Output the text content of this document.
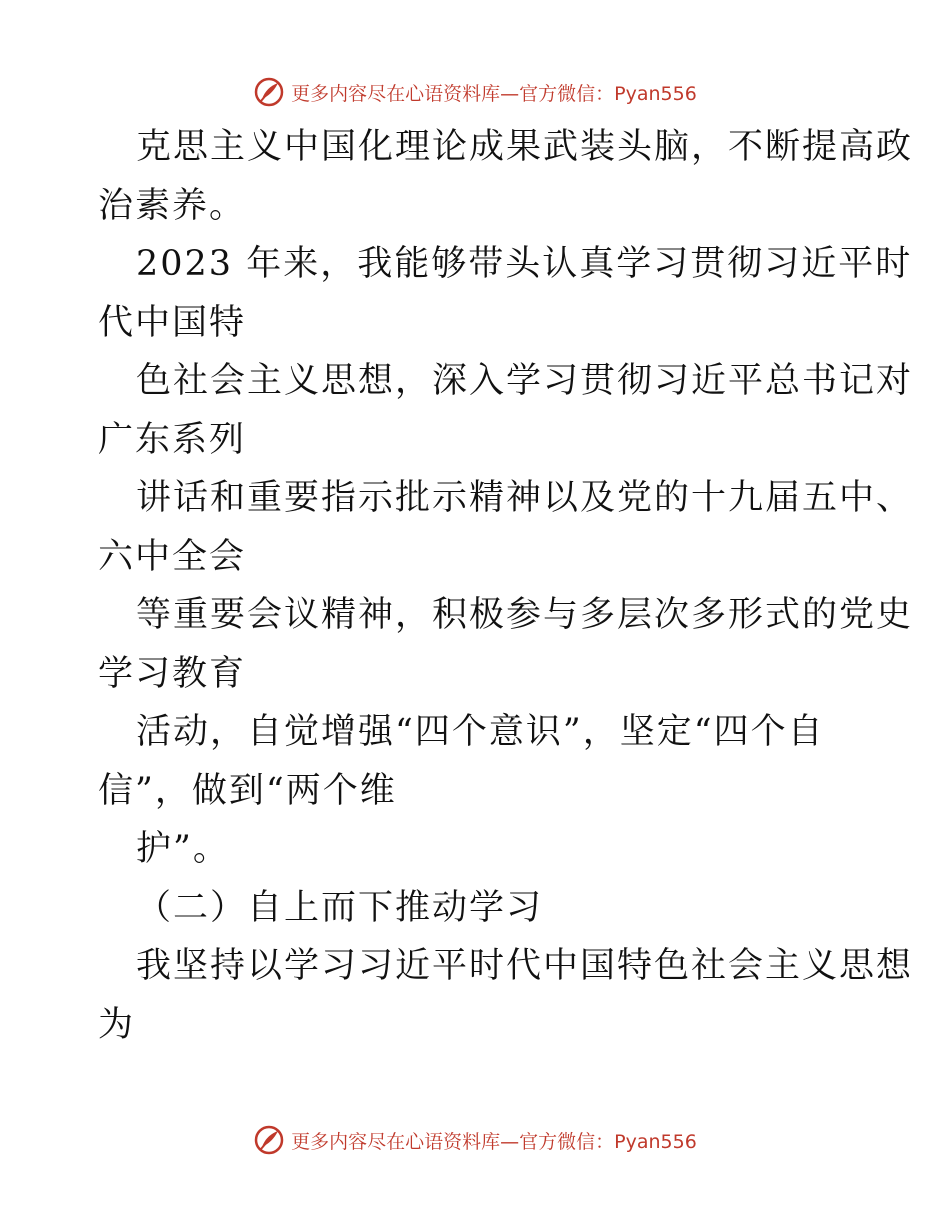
更多内容尽在心语资料库—官方微信：Pyan556
克思主义中国化理论成果武装头脑，不断提高政
治素养。
2023 年来，我能够带头认真学习贯彻习近平时
代中国特
色社会主义思想，深入学习贯彻习近平总书记对
广东系列
讲话和重要指示批示精神以及党的十九届五中、
六中全会
等重要会议精神，积极参与多层次多形式的党史
学习教育
活动，自觉增强“四个意识”，坚定“四个自
信”，做到“两个维
护”。
（二）自上而下推动学习
我坚持以学习习近平时代中国特色社会主义思想
为
更多内容尽在心语资料库—官方微信：Pyan556
